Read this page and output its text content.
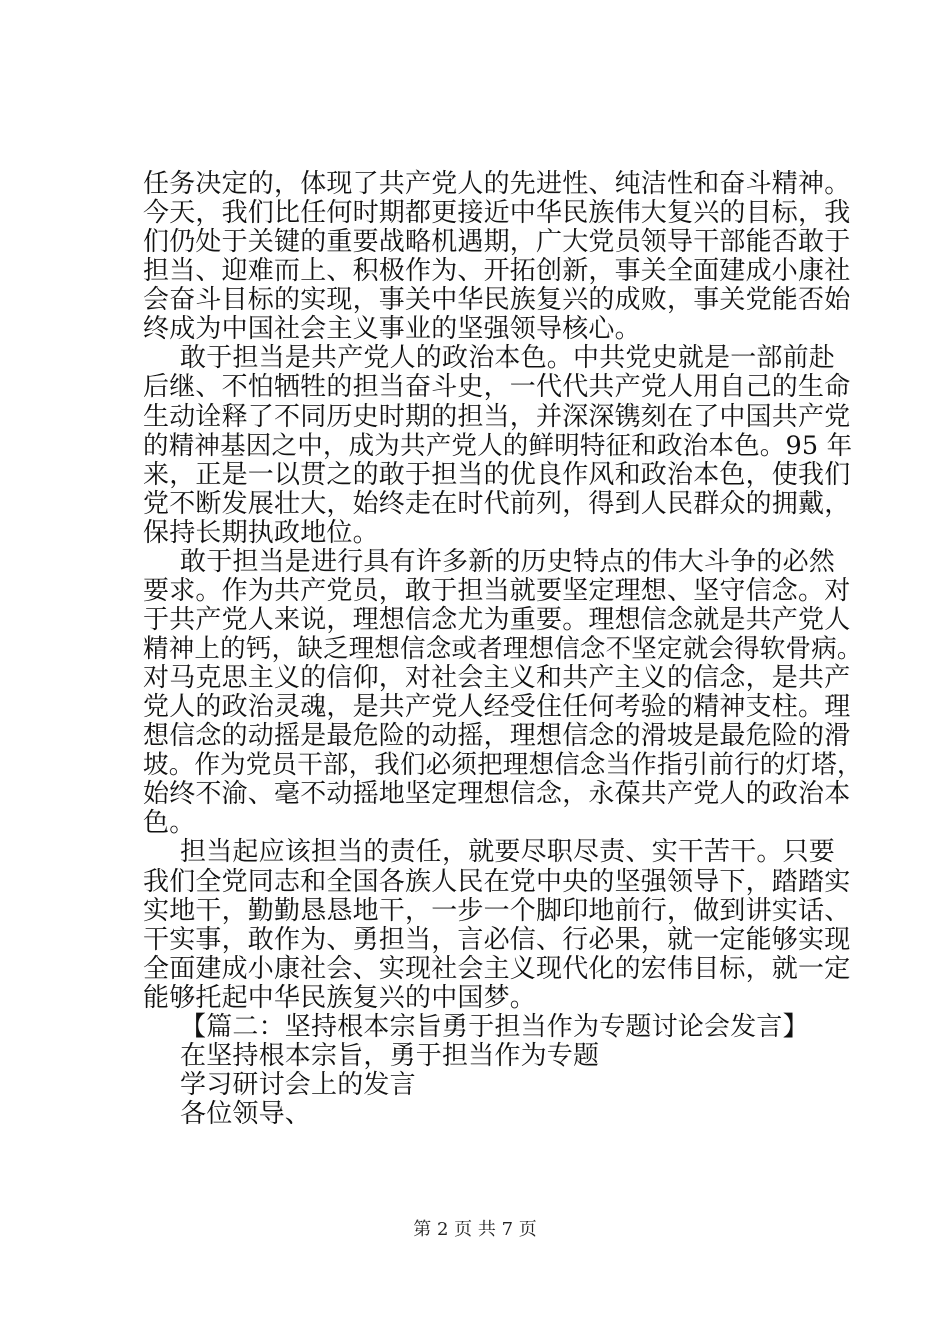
任务决定的，体现了共产党人的先进性、纯洁性和奋斗精神。
今天，我们比任何时期都更接近中华民族伟大复兴的目标，我
们仍处于关键的重要战略机遇期，广大党员领导干部能否敢于
担当、迎难而上、积极作为、开拓创新，事关全面建成小康社
会奋斗目标的实现，事关中华民族复兴的成败，事关党能否始
终成为中国社会主义事业的坚强领导核心。
敢于担当是共产党人的政治本色。中共党史就是一部前赴
后继、不怕牺牲的担当奋斗史，一代代共产党人用自己的生命
生动诠释了不同历史时期的担当，并深深镌刻在了中国共产党
的精神基因之中，成为共产党人的鲜明特征和政治本色。95 年
来，正是一以贯之的敢于担当的优良作风和政治本色，使我们
党不断发展壮大，始终走在时代前列，得到人民群众的拥戴，
保持长期执政地位。
敢于担当是进行具有许多新的历史特点的伟大斗争的必然
要求。作为共产党员，敢于担当就要坚定理想、坚守信念。对
于共产党人来说，理想信念尤为重要。理想信念就是共产党人
精神上的钙，缺乏理想信念或者理想信念不坚定就会得软骨病。
对马克思主义的信仰，对社会主义和共产主义的信念，是共产
党人的政治灵魂，是共产党人经受住任何考验的精神支柱。理
想信念的动摇是最危险的动摇，理想信念的滑坡是最危险的滑
坡。作为党员干部，我们必须把理想信念当作指引前行的灯塔，
始终不渝、毫不动摇地坚定理想信念，永葆共产党人的政治本
色。
担当起应该担当的责任，就要尽职尽责、实干苦干。只要
我们全党同志和全国各族人民在党中央的坚强领导下，踏踏实
实地干，勤勤恳恳地干，一步一个脚印地前行，做到讲实话、
干实事，敢作为、勇担当，言必信、行必果，就一定能够实现
全面建成小康社会、实现社会主义现代化的宏伟目标，就一定
能够托起中华民族复兴的中国梦。
【篇二：坚持根本宗旨勇于担当作为专题讨论会发言】
在坚持根本宗旨，勇于担当作为专题
学习研讨会上的发言
各位领导、
第 2 页 共 7 页
